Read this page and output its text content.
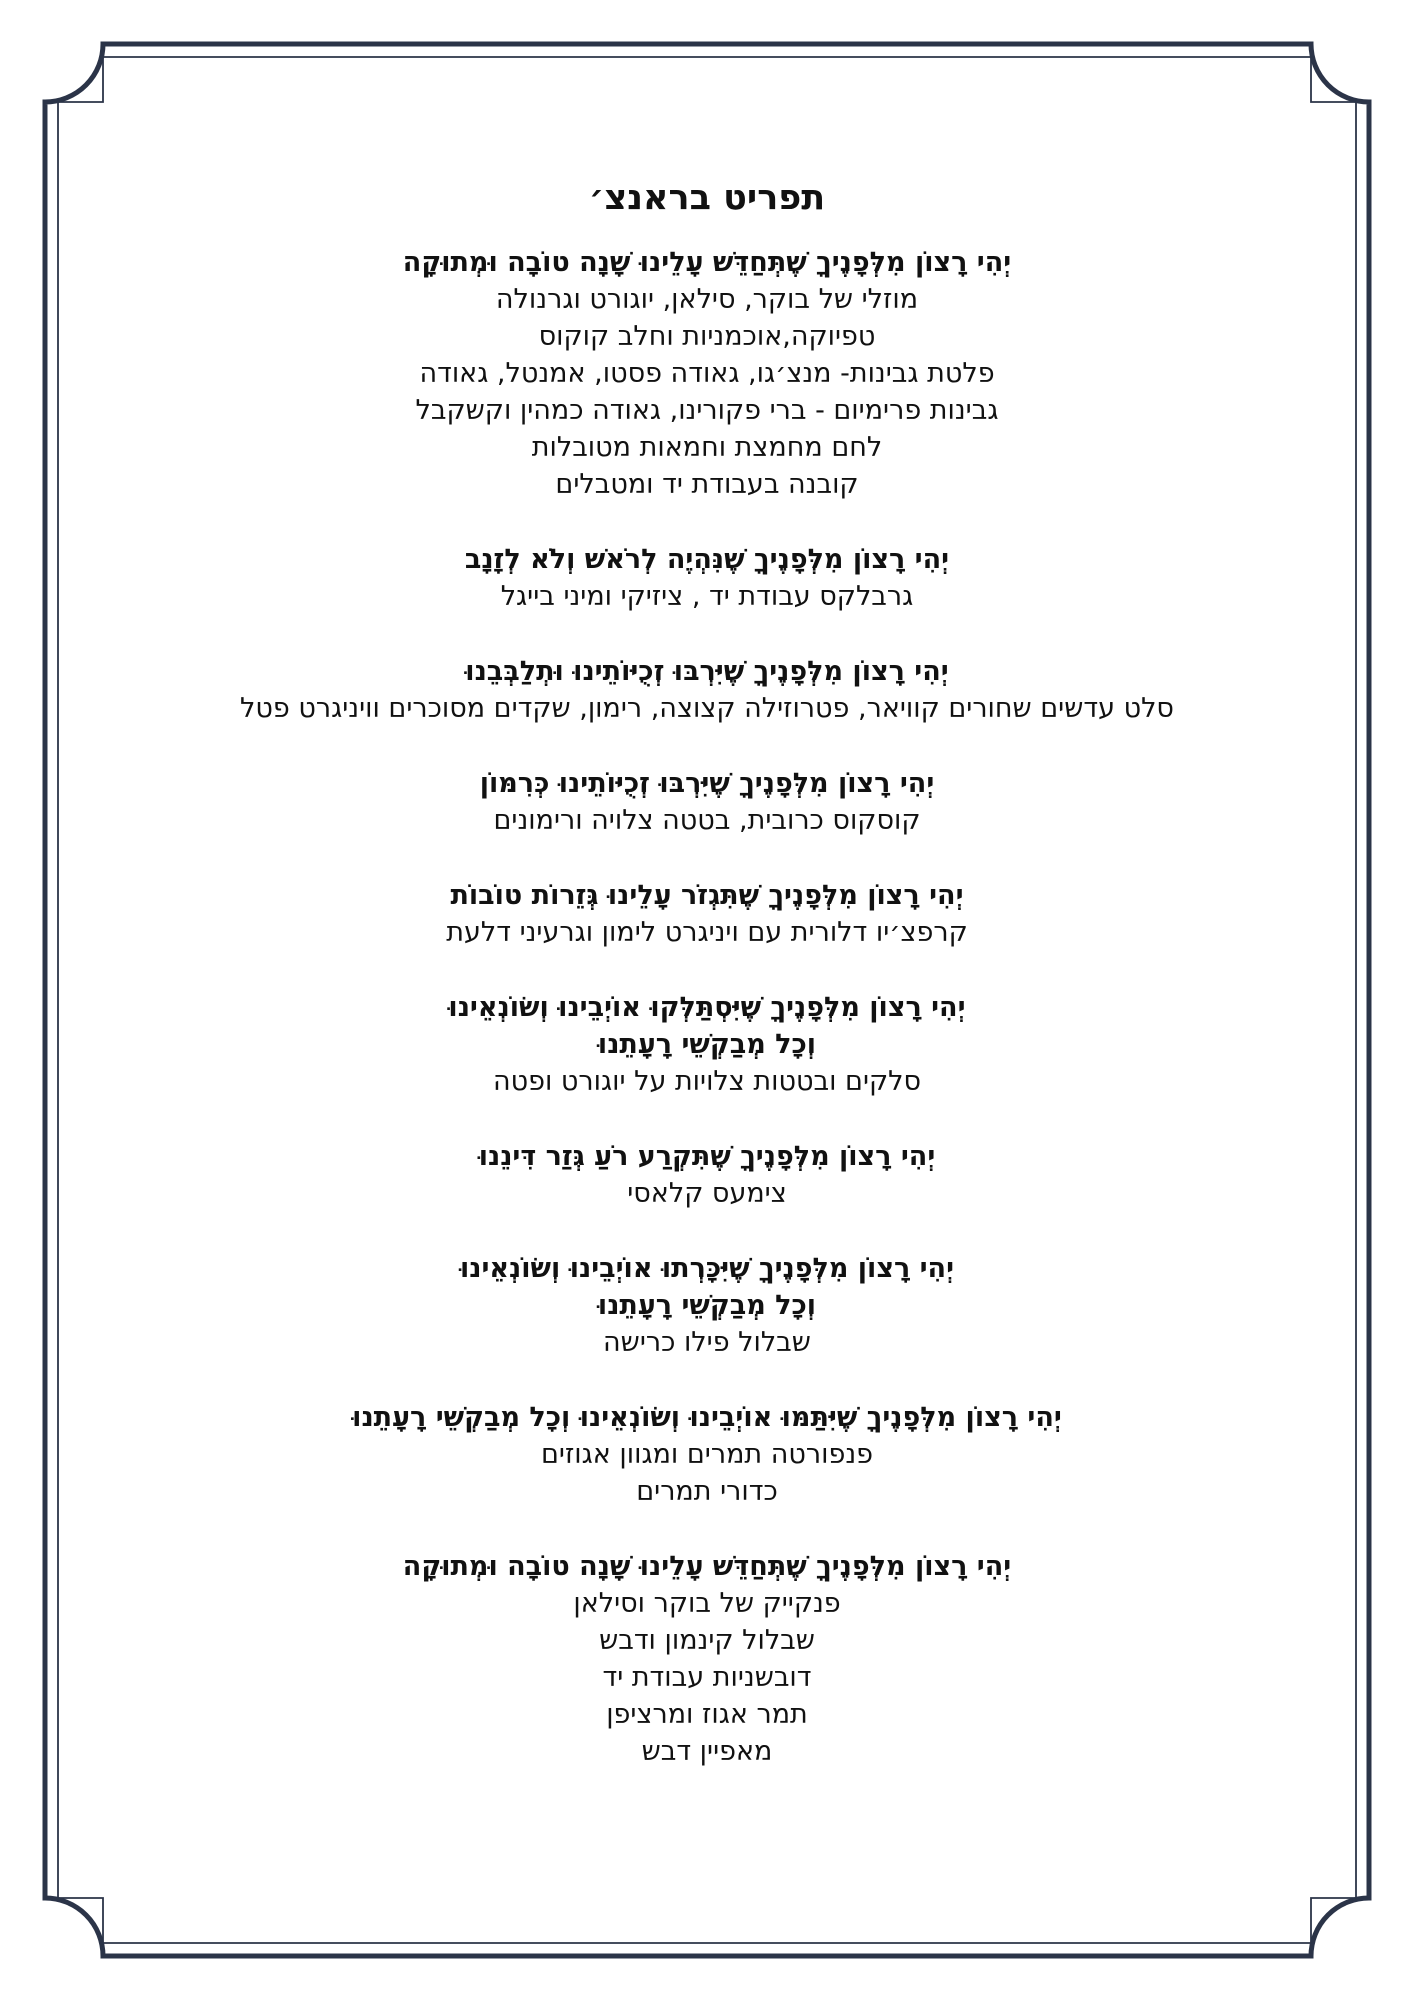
תפריט בראנצ׳
יְהִי רָצוֹן מִלְּפָנֶיךָ שֶׁתְּחַדֵּשׁ עָלֵינוּ שָׁנָה טוֹבָה וּמְתוּקָה
מוזלי של בוקר, סילאן, יוגורט וגרנולה
טפיוקה,אוכמניות וחלב קוקוס
פלטת גבינות- מנצ׳גו, גאודה פסטו, אמנטל, גאודה
גבינות פרימיום - ברי פקורינו, גאודה כמהין וקשקבל
לחם מחמצת וחמאות מטובלות
קובנה בעבודת יד ומטבלים
יְהִי רָצוֹן מִלְּפָנֶיךָ שֶׁנִּהְיֶה לְרֹאשׁ וְלֹא לְזָנָב
גרבלקס עבודת יד , ציזיקי ומיני בייגל
יְהִי רָצוֹן מִלְּפָנֶיךָ שֶׁיִּרְבּוּ זְכֻיּוֹתֵינוּ וּתְלַבְּבֵנוּ
סלט עדשים שחורים קוויאר, פטרוזילה קצוצה, רימון, שקדים מסוכרים וויניגרט פטל
יְהִי רָצוֹן מִלְּפָנֶיךָ שֶׁיִּרְבּוּ זְכֻיּוֹתֵינוּ כְּרִמּוֹן
קוסקוס כרובית, בטטה צלויה ורימונים
יְהִי רָצוֹן מִלְּפָנֶיךָ שֶׁתִּגְזֹר עָלֵינוּ גְּזֵרוֹת טוֹבוֹת
קרפצ׳יו דלורית עם ויניגרט לימון וגרעיני דלעת
יְהִי רָצוֹן מִלְּפָנֶיךָ שֶׁיִּסְתַּלְּקוּ אוֹיְבֵינוּ וְשׂוֹנְאֵינוּ
וְכָל מְבַקְשֵׁי רָעָתֵנוּ
סלקים ובטטות צלויות על יוגורט ופטה
יְהִי רָצוֹן מִלְּפָנֶיךָ שֶׁתִּקְרַע רֹעַ גְּזַר דִּינֵנוּ
צימעס קלאסי
יְהִי רָצוֹן מִלְּפָנֶיךָ שֶׁיִּכָּרְתוּ אוֹיְבֵינוּ וְשׂוֹנְאֵינוּ
וְכָל מְבַקְשֵׁי רָעָתֵנוּ
שבלול פילו כרישה
יְהִי רָצוֹן מִלְּפָנֶיךָ שֶׁיִּתַּמּוּ אוֹיְבֵינוּ וְשׂוֹנְאֵינוּ וְכָל מְבַקְשֵׁי רָעָתֵנוּ
פנפורטה תמרים ומגוון אגוזים
כדורי תמרים
יְהִי רָצוֹן מִלְּפָנֶיךָ שֶׁתְּחַדֵּשׁ עָלֵינוּ שָׁנָה טוֹבָה וּמְתוּקָה
פנקייק של בוקר וסילאן
שבלול קינמון ודבש
דובשניות עבודת יד
תמר אגוז ומרציפן
מאפיין דבש
